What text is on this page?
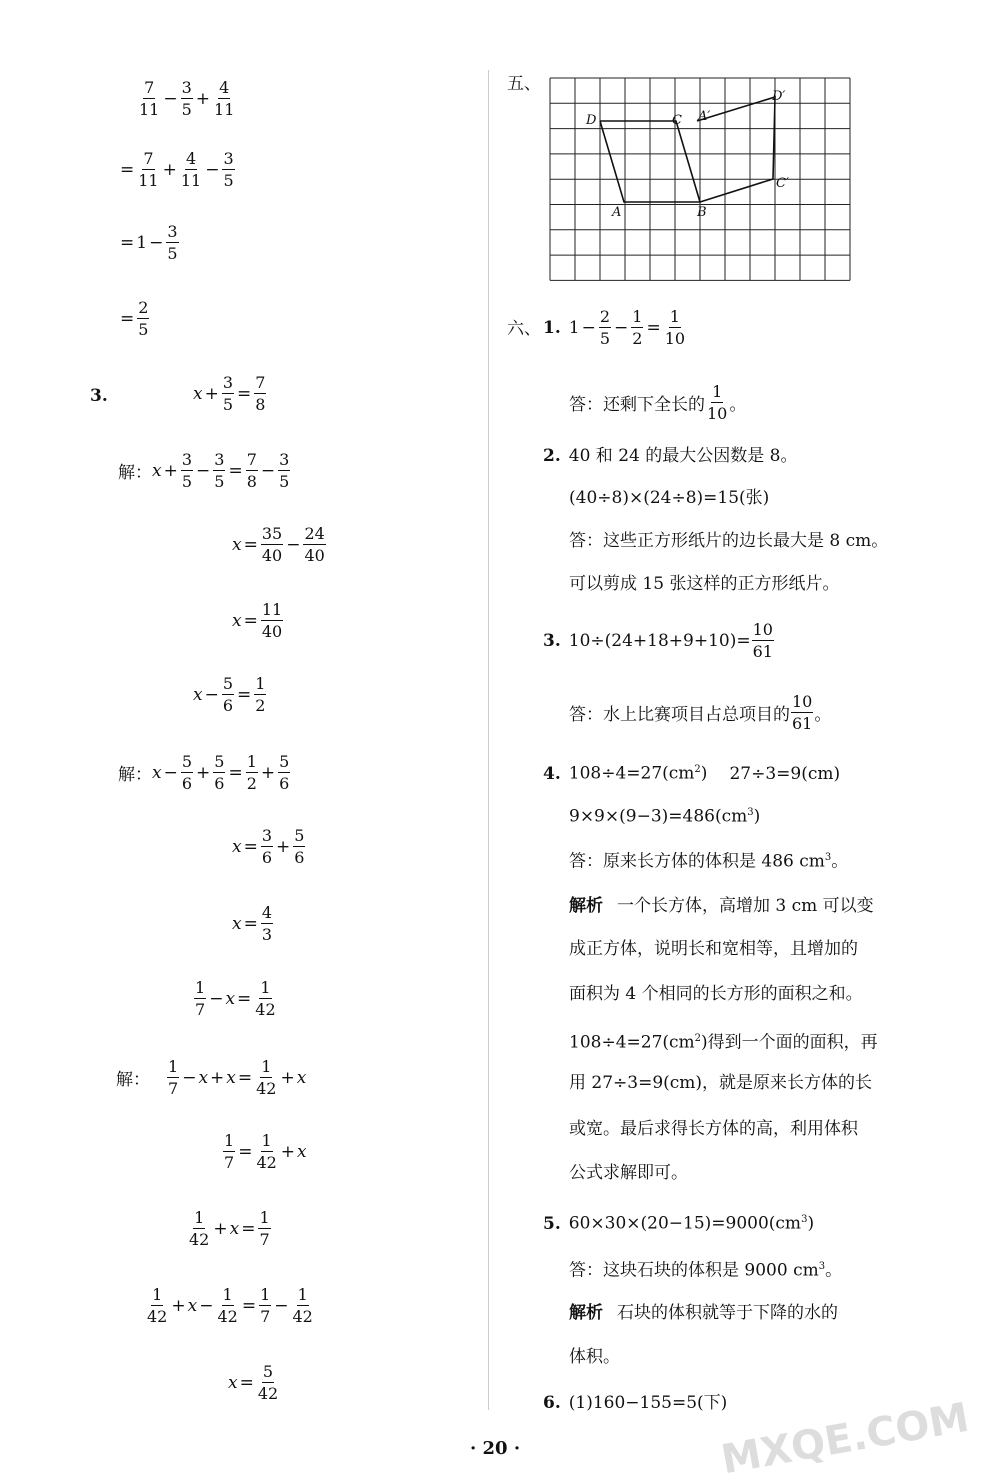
$\frac{7}{11} - \frac{3}{5} + \frac{4}{11}$
= $\frac{7}{11} + \frac{4}{11} - \frac{3}{5}$
= $1 - \frac{3}{5}$
= $\frac{2}{5}$
3.	$x + \frac{3}{5} = \frac{7}{8}$
解： $x + \frac{3}{5} - \frac{3}{5} = \frac{7}{8} - \frac{3}{5}$
$x = \frac{35}{40} - \frac{24}{40}$
$x = \frac{11}{40}$
$x - \frac{5}{6} = \frac{1}{2}$
解： $x - \frac{5}{6} + \frac{5}{6} = \frac{1}{2} + \frac{5}{6}$
$x = \frac{3}{6} + \frac{5}{6}$
$x = \frac{4}{3}$
$\frac{1}{7} - x = \frac{1}{42}$
解： $\frac{1}{7} - x + x = \frac{1}{42} + x$
$\frac{1}{7} = \frac{1}{42} + x$
$\frac{1}{42} + x = \frac{1}{7}$
$\frac{1}{42} + x - \frac{1}{42} = \frac{1}{7} - \frac{1}{42}$
$x = \frac{5}{42}$
五、
D	C A′
D′
A	B
C′
六、 1. $1 - \frac{2}{5} - \frac{1}{2} = \frac{1}{10}$
答：还剩下全长的 $\frac{1}{10}$ 。
2. 40 和 24 的最大公因数是 8。
(40÷8)×(24÷8)=15(张)
答：这些正方形纸片的边长最大是 8 cm。
可以剪成 15 张这样的正方形纸片。
3. $10\div(24+18+9+10)= \frac{10}{61}$
答：水上比赛项目占总项目的 $\frac{10}{61}$ 。
4. $108\div 4=27(cm^2)$ 27÷3=9(cm)
$9\times 9\times(9-3)=486(cm^3)$
答：原来长方体的体积是 486 $cm^3$。
解析 一个长方体，高增加 3 cm 可以变
成正方体，说明长和宽相等，且增加的
面积为 4 个相同的长方形的面积之和。
$108\div 4=27(cm^2)$得到一个面的面积，再
用 27÷3=9(cm)，就是原来长方体的长
或宽。最后求得长方体的高，利用体积
公式求解即可。
5. $60\times 30\times(20-15)=9000(cm^3)$
答：这块石块的体积是 9000 $cm^3$。
解析 石块的体积就等于下降的水的
体积。
6. (1)160−155=5(下)
· 20 ·	MXQE.COM
